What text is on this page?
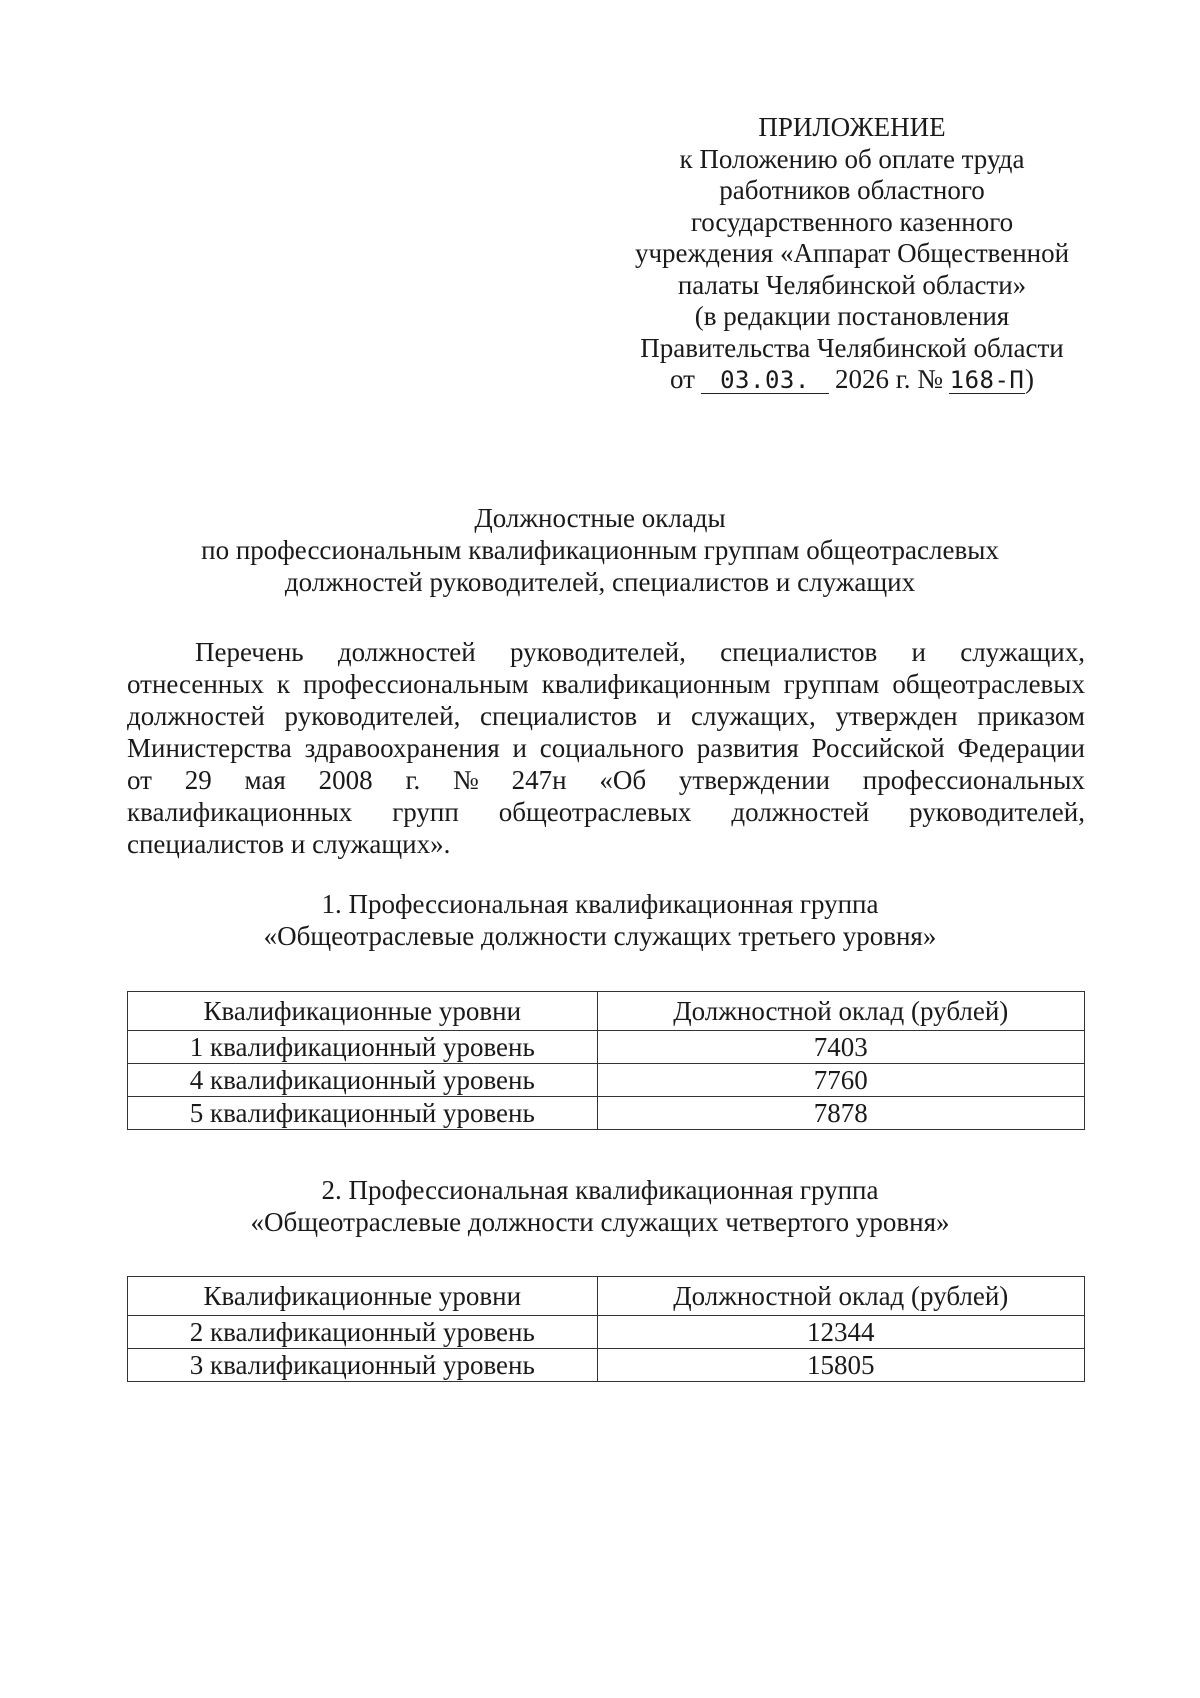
ПРИЛОЖЕНИЕ
к Положению об оплате труда
работников областного
государственного казенного
учреждения «Аппарат Общественной
палаты Челябинской области»
(в редакции постановления
Правительства Челябинской области
от 03.03. 2026 г. № 168-П)
Должностные оклады
по профессиональным квалификационным группам общеотраслевых
должностей руководителей, специалистов и служащих
Перечень должностей руководителей, специалистов и служащих,
отнесенных к профессиональным квалификационным группам общеотраслевых
должностей руководителей, специалистов и служащих, утвержден приказом
Министерства здравоохранения и социального развития Российской Федерации
от 29 мая 2008 г. № 247н «Об утверждении профессиональных
квалификационных групп общеотраслевых должностей руководителей,
специалистов и служащих».
1. Профессиональная квалификационная группа
«Общеотраслевые должности служащих третьего уровня»
Квалификационные уровни	Должностной оклад (рублей)
1 квалификационный уровень	7403
4 квалификационный уровень	7760
5 квалификационный уровень	7878
2. Профессиональная квалификационная группа
«Общеотраслевые должности служащих четвертого уровня»
Квалификационные уровни	Должностной оклад (рублей)
2 квалификационный уровень	12344
3 квалификационный уровень	15805
